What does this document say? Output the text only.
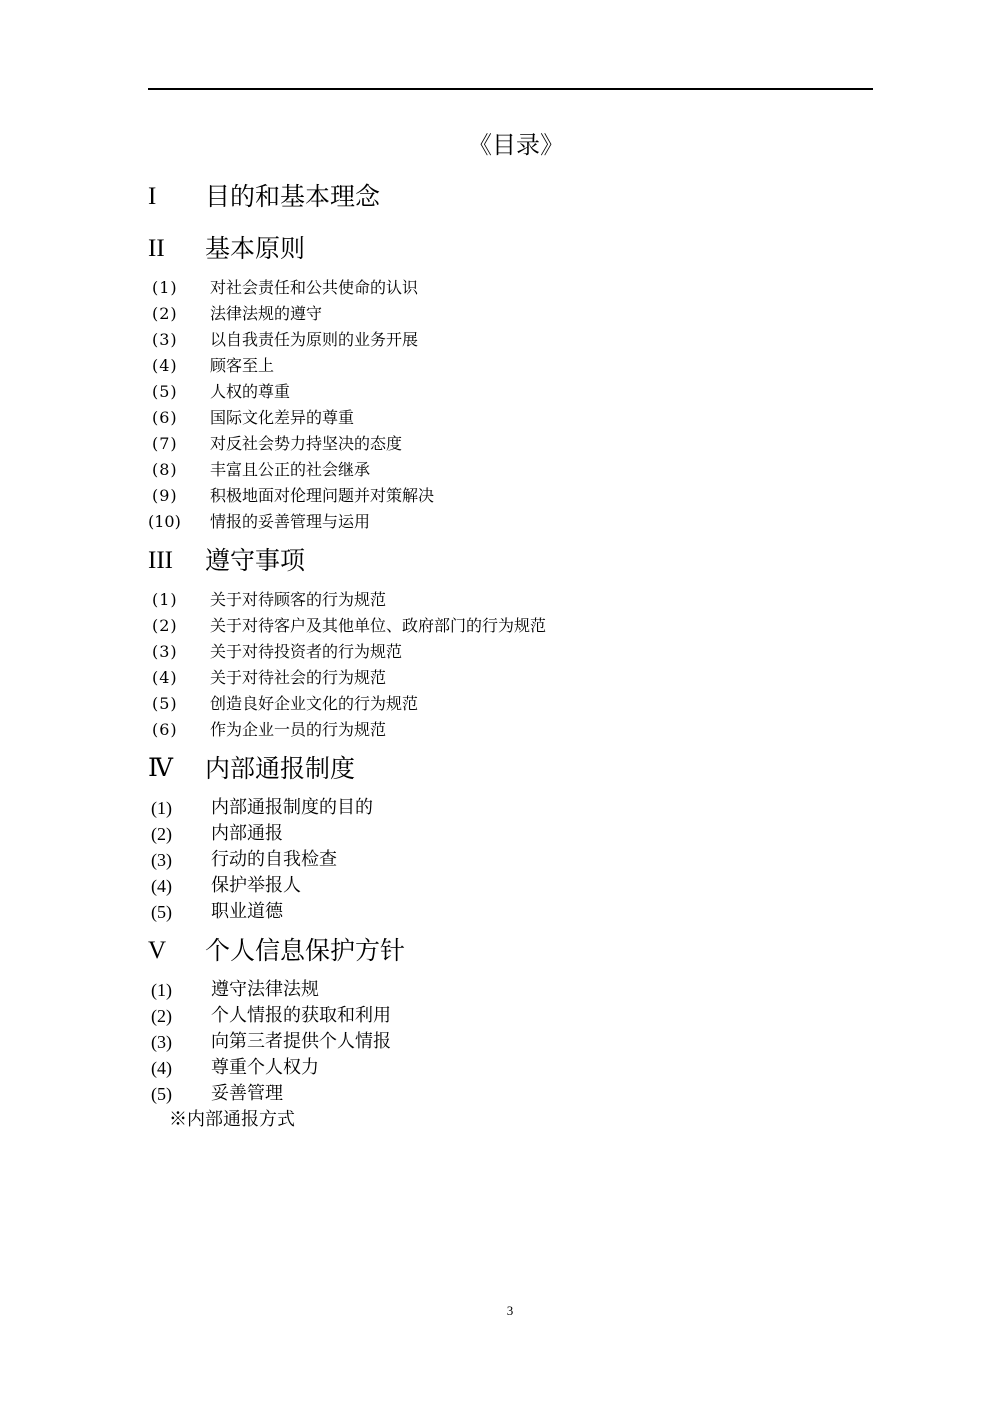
《目录》
I	目的和基本理念
II	基本原则
(1)	对社会责任和公共使命的认识
(2)	法律法规的遵守
(3)	以自我责任为原则的业务开展
(4)	顾客至上
(5)	人权的尊重
(6)	国际文化差异的尊重
(7)	对反社会势力持坚决的态度
(8)	丰富且公正的社会继承
(9)	积极地面对伦理问题并对策解决
(10)	情报的妥善管理与运用
III	遵守事项
(1)	关于对待顾客的行为规范
(2)	关于对待客户及其他单位、政府部门的行为规范
(3)	关于对待投资者的行为规范
(4)	关于对待社会的行为规范
(5)	创造良好企业文化的行为规范
(6)	作为企业一员的行为规范
Ⅳ	内部通报制度
(1)	内部通报制度的目的
(2)	内部通报
(3)	行动的自我检查
(4)	保护举报人
(5)	职业道德
V	个人信息保护方针
(1)	遵守法律法规
(2)	个人情报的获取和利用
(3)	向第三者提供个人情报
(4)	尊重个人权力
(5)	妥善管理
※内部通报方式
3
